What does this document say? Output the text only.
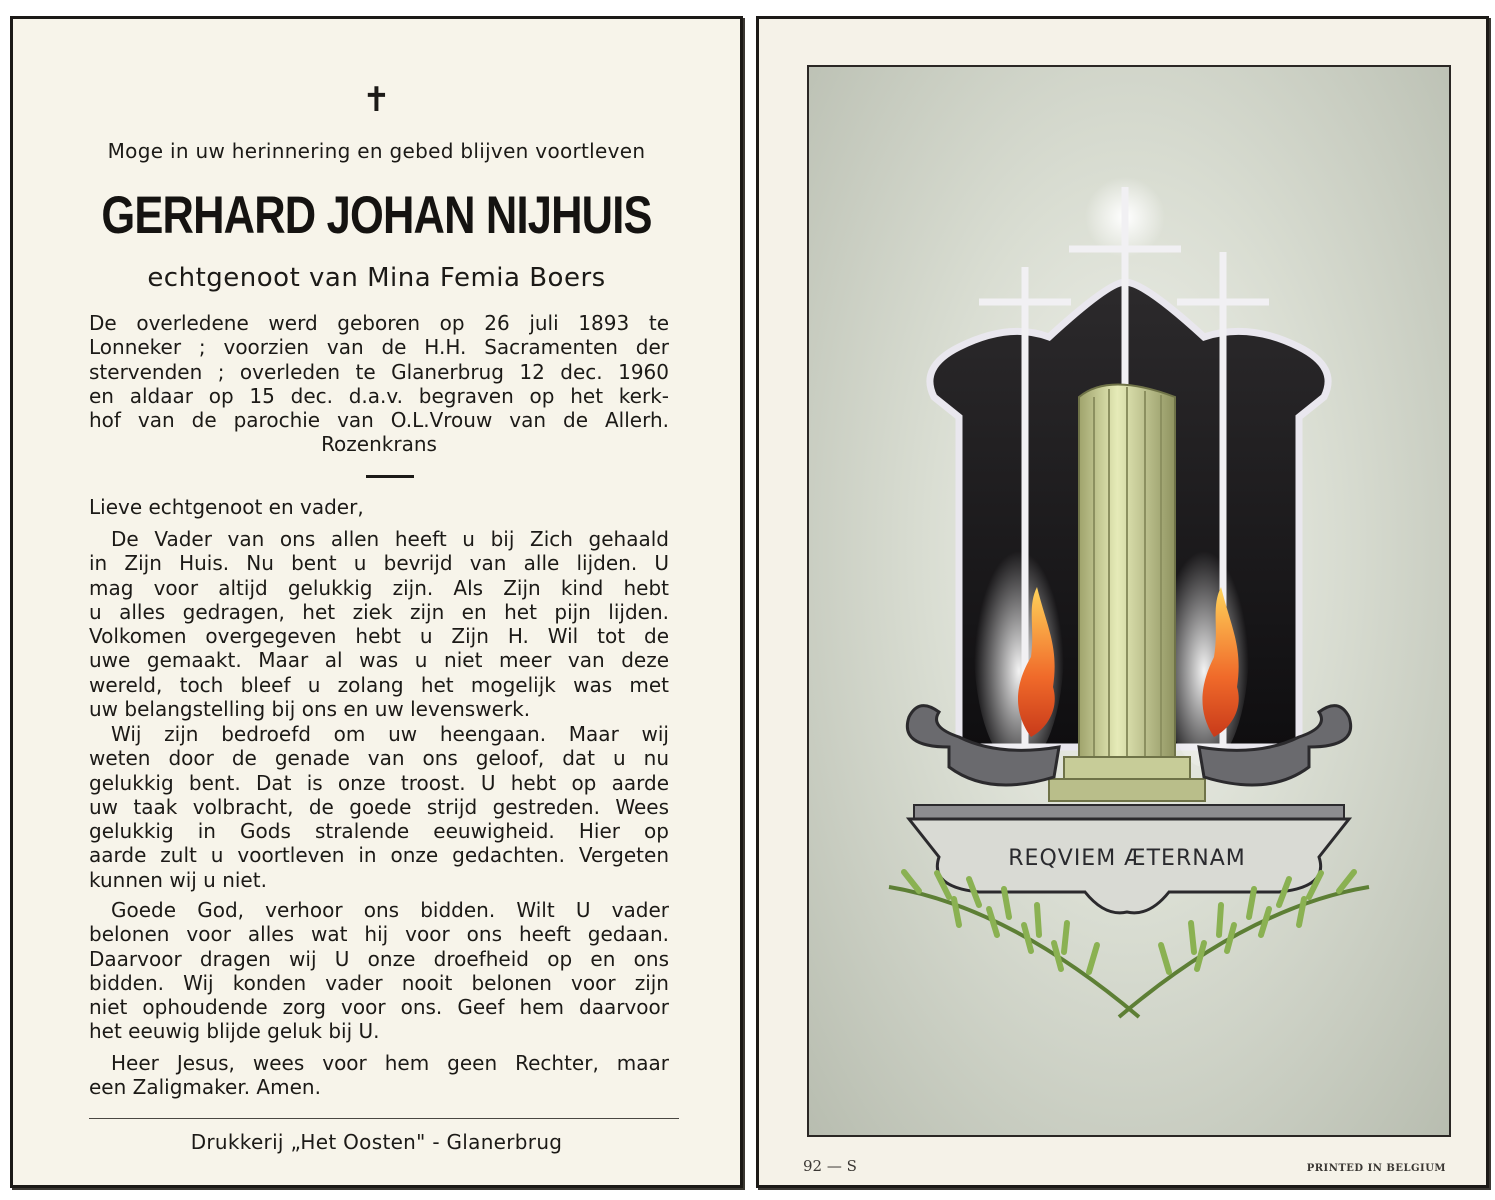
✝
Moge in uw herinnering en gebed blijven voortleven
GERHARD JOHAN NIJHUIS
echtgenoot van Mina Femia Boers
De overledene werd geboren op 26 juli 1893 te
Lonneker ; voorzien van de H.H. Sacramenten der
stervenden ; overleden te Glanerbrug 12 dec. 1960
en aldaar op 15 dec. d.a.v. begraven op het kerk-
hof van de parochie van O.L.Vrouw van de Allerh.
Rozenkrans
Lieve echtgenoot en vader,
De Vader van ons allen heeft u bij Zich gehaald
in Zijn Huis. Nu bent u bevrijd van alle lijden. U
mag voor altijd gelukkig zijn. Als Zijn kind hebt
u alles gedragen, het ziek zijn en het pijn lijden.
Volkomen overgegeven hebt u Zijn H. Wil tot de
uwe gemaakt. Maar al was u niet meer van deze
wereld, toch bleef u zolang het mogelijk was met
uw belangstelling bij ons en uw levenswerk.
Wij zijn bedroefd om uw heengaan. Maar wij
weten door de genade van ons geloof, dat u nu
gelukkig bent. Dat is onze troost. U hebt op aarde
uw taak volbracht, de goede strijd gestreden. Wees
gelukkig in Gods stralende eeuwigheid. Hier op
aarde zult u voortleven in onze gedachten. Vergeten
kunnen wij u niet.
Goede God, verhoor ons bidden. Wilt U vader
belonen voor alles wat hij voor ons heeft gedaan.
Daarvoor dragen wij U onze droefheid op en ons
bidden. Wij konden vader nooit belonen voor zijn
niet ophoudende zorg voor ons. Geef hem daarvoor
het eeuwig blijde geluk bij U.
Heer Jesus, wees voor hem geen Rechter, maar
een Zaligmaker. Amen.
Drukkerij „Het Oosten" - Glanerbrug
REQVIEM ÆTERNAM
92 — S	PRINTED IN BELGIUM
